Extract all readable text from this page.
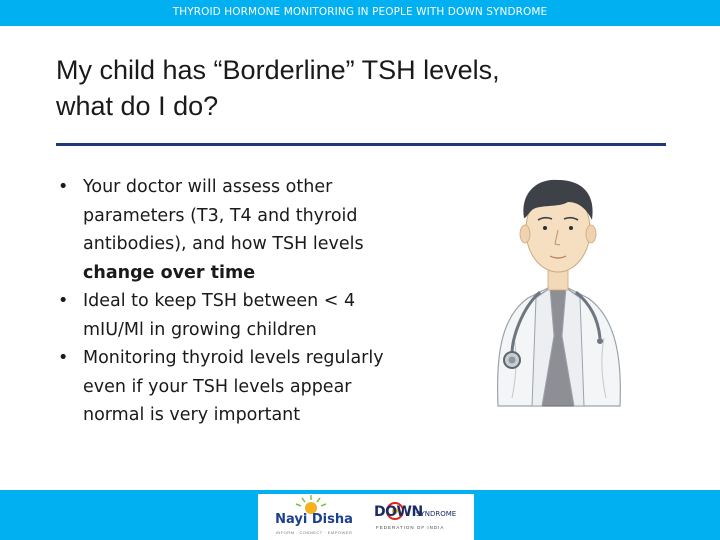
THYROID HORMONE MONITORING IN PEOPLE WITH DOWN SYNDROME
My child has “Borderline” TSH levels,
what do I do?
• Your doctor will assess other parameters (T3, T4 and thyroid antibodies), and how TSH levels change over time
• Ideal to keep TSH between < 4 mIU/Ml in growing children
• Monitoring thyroid levels regularly even if your TSH levels appear normal is very important
Nayi Disha
INFORM · CONNECT · EMPOWER
DOWN
SYNDROME
FEDERATION OF INDIA
